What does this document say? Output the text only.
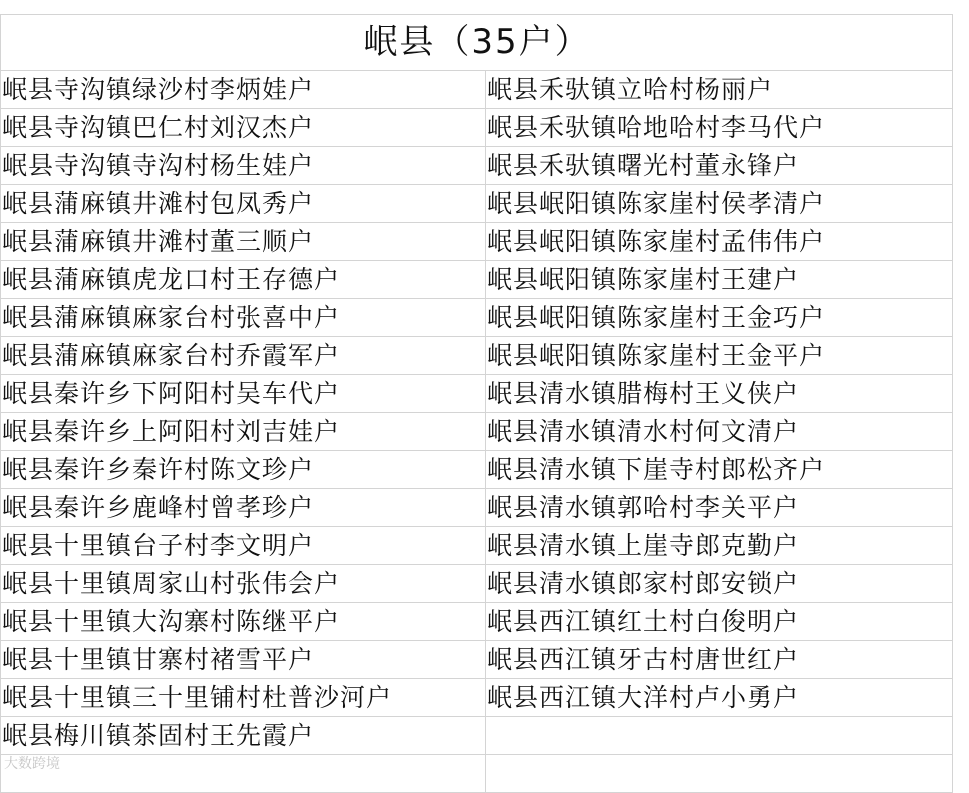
岷县（35户）	
岷县寺沟镇绿沙村李炳娃户	岷县禾驮镇立哈村杨丽户
岷县寺沟镇巴仁村刘汉杰户	岷县禾驮镇哈地哈村李马代户
岷县寺沟镇寺沟村杨生娃户	岷县禾驮镇曙光村董永锋户
岷县蒲麻镇井滩村包凤秀户	岷县岷阳镇陈家崖村侯孝清户
岷县蒲麻镇井滩村董三顺户	岷县岷阳镇陈家崖村孟伟伟户
岷县蒲麻镇虎龙口村王存德户	岷县岷阳镇陈家崖村王建户
岷县蒲麻镇麻家台村张喜中户	岷县岷阳镇陈家崖村王金巧户
岷县蒲麻镇麻家台村乔霞军户	岷县岷阳镇陈家崖村王金平户
岷县秦许乡下阿阳村吴车代户	岷县清水镇腊梅村王义侠户
岷县秦许乡上阿阳村刘吉娃户	岷县清水镇清水村何文清户
岷县秦许乡秦许村陈文珍户	岷县清水镇下崖寺村郎松齐户
岷县秦许乡鹿峰村曾孝珍户	岷县清水镇郭哈村李关平户
岷县十里镇台子村李文明户	岷县清水镇上崖寺郎克勤户
岷县十里镇周家山村张伟会户	岷县清水镇郎家村郎安锁户
岷县十里镇大沟寨村陈继平户	岷县西江镇红土村白俊明户
岷县十里镇甘寨村褚雪平户	岷县西江镇牙古村唐世红户
岷县十里镇三十里铺村杜普沙河户	岷县西江镇大洋村卢小勇户
岷县梅川镇茶固村王先霞户	

大数跨境
